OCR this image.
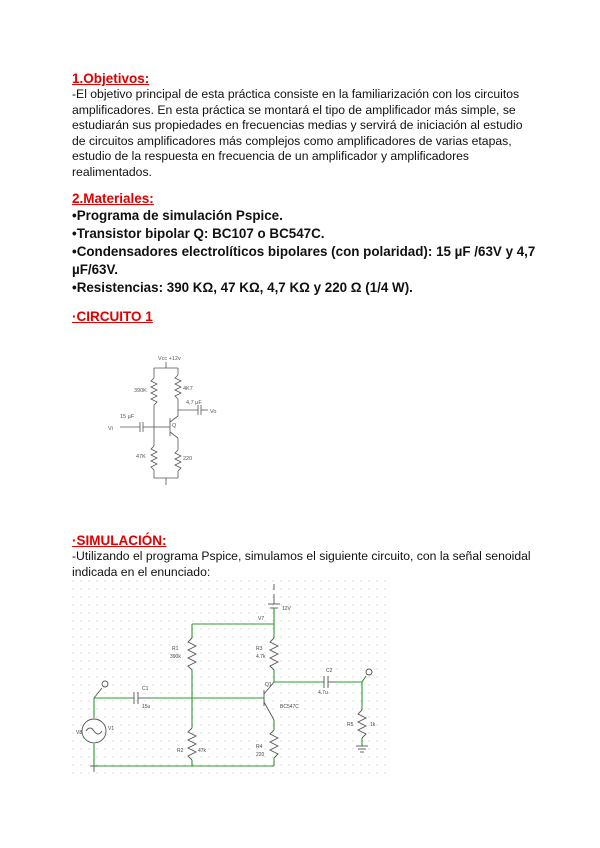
1.Objetivos:

-El objetivo principal de esta práctica consiste en la familiarización con los circuitos

amplificadores. En esta práctica se montará el tipo de amplificador más simple, se

estudiarán sus propiedades en frecuencias medias y servirá de iniciación al estudio

de circuitos amplificadores más complejos como amplificadores de varias etapas,

estudio de la respuesta en frecuencia de un amplificador y amplificadores

realimentados.

2.Materiales:

•Programa de simulación Pspice.

•Transistor bipolar Q: BC107 o BC547C.

•Condensadores electrolíticos bipolares (con polaridad): 15 µF /63V y 4,7

µF/63V.

•Resistencias: 390 KΩ, 47 KΩ, 4,7 KΩ y 220 Ω (1/4 W).

·CIRCUITO 1

Vcc +12v
390K	4K7
4,7 µF
Vo
15 µF
Vi	Q
47K	220

·SIMULACIÓN:

-Utilizando el programa Pspice, simulamos el siguiente circuito, con la señal senoidal

indicada en el enunciado:

12V
V7
R1
390k
R3
4.7k
Q1
BC547C
C2
4.7u
C1
15u
V1
V8
R5	1k
R2	47k
R4
220
